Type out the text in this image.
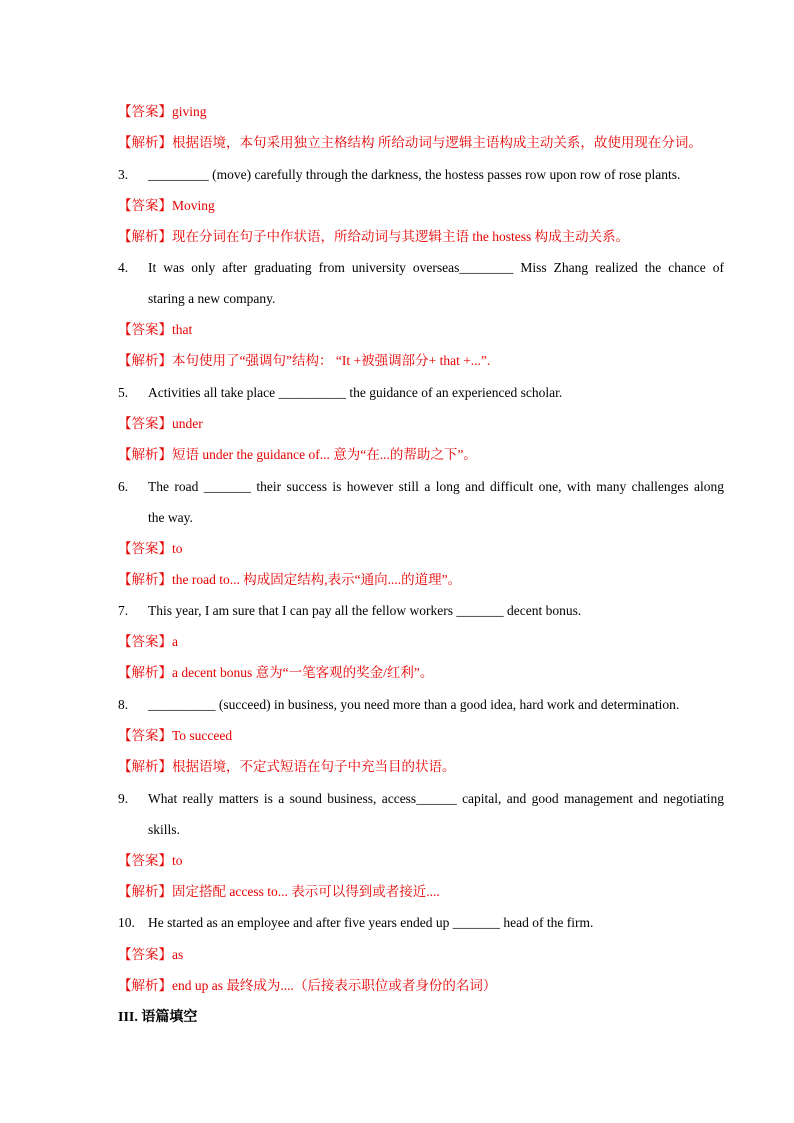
【答案】giving
【解析】根据语境，本句采用独立主格结构 所给动词与逻辑主语构成主动关系，故使用现在分词。
3. _________ (move) carefully through the darkness, the hostess passes row upon row of rose plants.
【答案】Moving
【解析】现在分词在句子中作状语，所给动词与其逻辑主语 the hostess 构成主动关系。
4. It was only after graduating from university overseas________ Miss Zhang realized the chance of
staring a new company.
【答案】that
【解析】本句使用了“强调句”结构： “It +被强调部分+ that +...”.
5. Activities all take place __________ the guidance of an experienced scholar.
【答案】under
【解析】短语 under the guidance of... 意为“在...的帮助之下”。
6. The road _______ their success is however still a long and difficult one, with many challenges along
the way.
【答案】to
【解析】the road to... 构成固定结构,表示“通向....的道理”。
7. This year, I am sure that I can pay all the fellow workers _______ decent bonus.
【答案】a
【解析】a decent bonus 意为“一笔客观的奖金/红利”。
8. __________ (succeed) in business, you need more than a good idea, hard work and determination.
【答案】To succeed
【解析】根据语境，不定式短语在句子中充当目的状语。
9. What really matters is a sound business, access______ capital, and good management and negotiating
skills.
【答案】to
【解析】固定搭配 access to... 表示可以得到或者接近....
10. He started as an employee and after five years ended up _______ head of the firm.
【答案】as
【解析】end up as 最终成为....（后接表示职位或者身份的名词）
III. 语篇填空
